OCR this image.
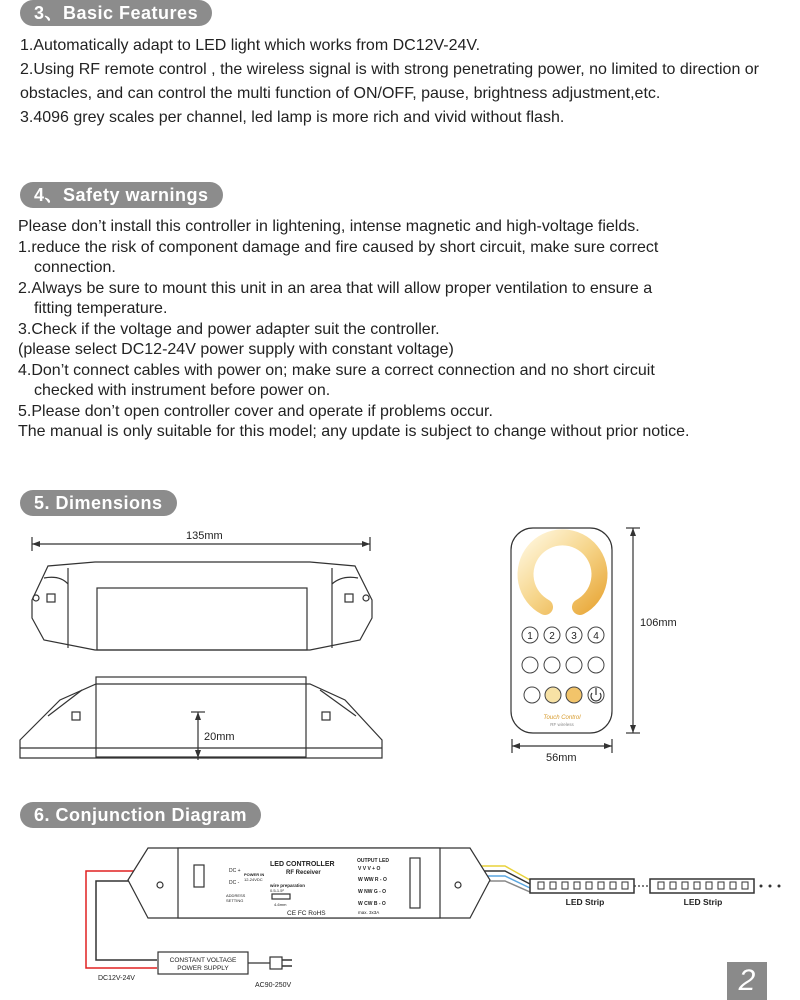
3、Basic Features

1.Automatically adapt to LED light which works from DC12V-24V.

2.Using RF remote control , the wireless signal is with strong penetrating power, no limited to direction or obstacles, and can control the multi function of ON/OFF, pause, brightness adjustment,etc.

3.4096 grey scales per channel, led lamp is more rich and vivid without flash.

4、Safety warnings

Please don’t install this controller in lightening, intense magnetic and high-voltage fields.

1.reduce the risk of component damage and fire caused by short circuit, make sure correct

connection.

2.Always be sure to mount this unit in an area that will allow proper ventilation to ensure a

fitting temperature.

3.Check if the voltage and power adapter suit the controller.

(please select DC12-24V power supply with constant voltage)

4.Don’t connect cables with power on; make sure a correct connection and no short circuit

checked with instrument before power on.

5.Please don’t open controller cover and operate if problems occur.

The manual is only suitable for this model; any update is subject to change without prior notice.

5. Dimensions
1 2 3 4
Touch Control
RF wireless
135mm
20mm
106mm
56mm
6. Conjunction Diagram
LED CONTROLLER
RF Receiver
OUTPUT LED
DC +
DC -
POWER IN
12-24VDC
ADDRESS
SETTING
wire preparation
0.5-1.5²
4-6mm
CE FC RoHS
V V V + O
W WW R - O
W NW G - O
W CW B - O
max. 3x3A
CONSTANT VOLTAGE
POWER SUPPLY
DC12V-24V
AC90-250V
LED Strip	LED Strip
2
